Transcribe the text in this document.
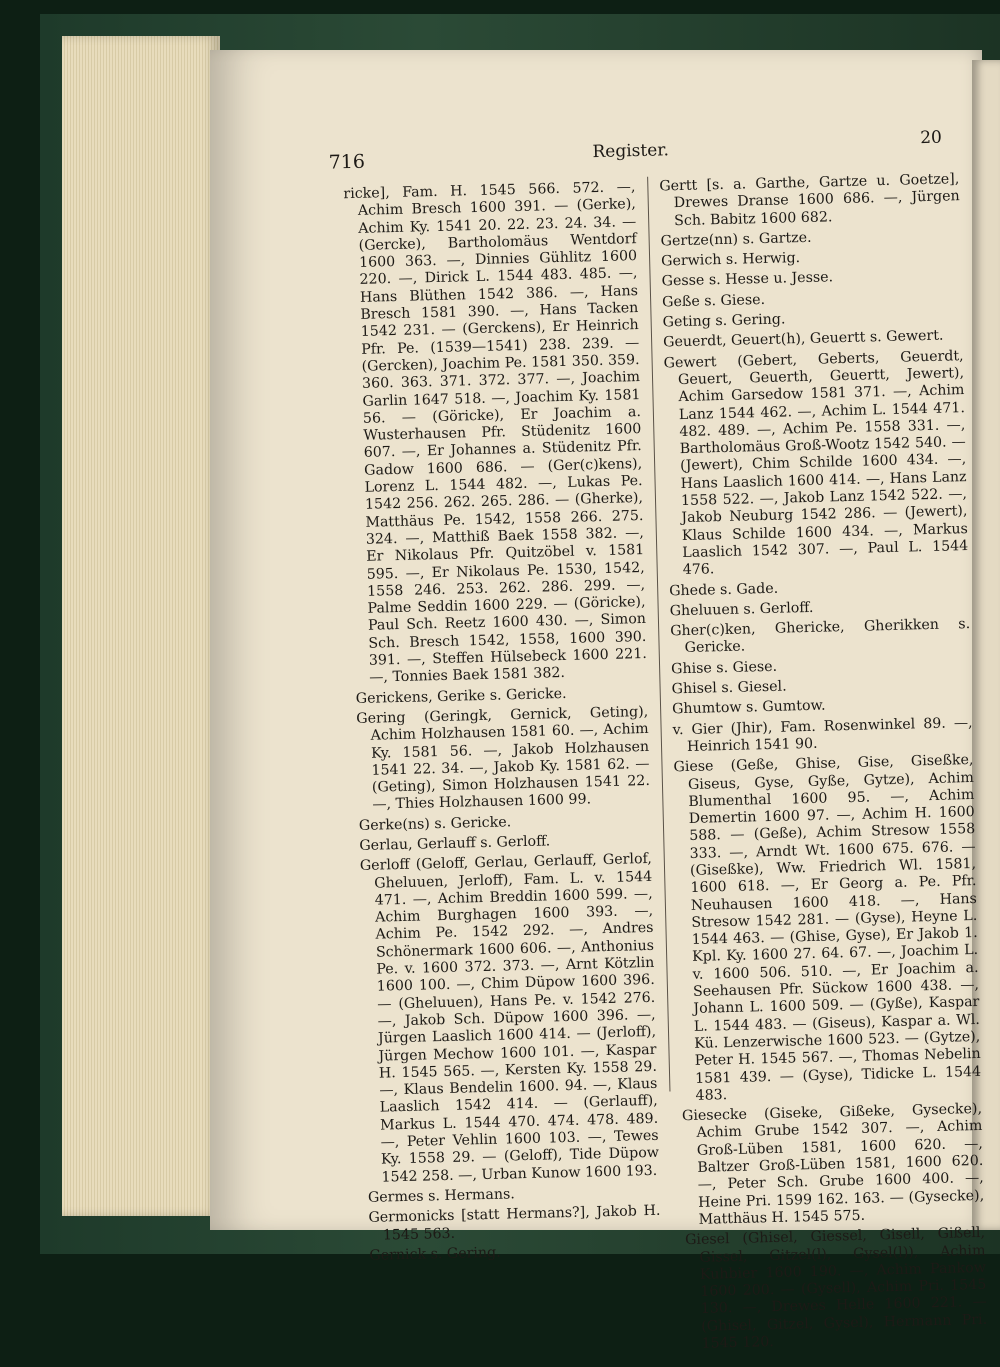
716	Register.
20

ricke], Fam. H. 1545 566. 572. —, Achim Bresch 1600 391. — (Gerke), Achim Ky. 1541 20. 22. 23. 24. 34. — (Gercke), Bartholomäus Wentdorf 1600 363. —, Dinnies Gühlitz 1600 220. —, Dirick L. 1544 483. 485. —, Hans Blüthen 1542 386. —, Hans Bresch 1581 390. —, Hans Tacken 1542 231. — (Gerckens), Er Heinrich Pfr. Pe. (1539—1541) 238. 239. — (Gercken), Joachim Pe. 1581 350. 359. 360. 363. 371. 372. 377. —, Joachim Garlin 1647 518. —, Joachim Ky. 1581 56. — (Göricke), Er Joachim a. Wusterhausen Pfr. Stüdenitz 1600 607. —, Er Johannes a. Stüdenitz Pfr. Gadow 1600 686. — (Ger(c)kens), Lorenz L. 1544 482. —, Lukas Pe. 1542 256. 262. 265. 286. — (Gherke), Matthäus Pe. 1542, 1558 266. 275. 324. —, Matthiß Baek 1558 382. —, Er Nikolaus Pfr. Quitzöbel v. 1581 595. —, Er Nikolaus Pe. 1530, 1542, 1558 246. 253. 262. 286. 299. —, Palme Seddin 1600 229. — (Göricke), Paul Sch. Reetz 1600 430. —, Simon Sch. Bresch 1542, 1558, 1600 390. 391. —, Steffen Hülsebeck 1600 221. —, Tonnies Baek 1581 382.

Gerickens, Gerike s. Gericke.

Gering (Geringk, Gernick, Geting), Achim Holzhausen 1581 60. —, Achim Ky. 1581 56. —, Jakob Holzhausen 1541 22. 34. —, Jakob Ky. 1581 62. — (Geting), Simon Holzhausen 1541 22. —, Thies Holzhausen 1600 99.

Gerke(ns) s. Gericke.

Gerlau, Gerlauff s. Gerloff.

Gerloff (Geloff, Gerlau, Gerlauff, Gerlof, Gheluuen, Jerloff), Fam. L. v. 1544 471. —, Achim Breddin 1600 599. —, Achim Burghagen 1600 393. —, Achim Pe. 1542 292. —, Andres Schönermark 1600 606. —, Anthonius Pe. v. 1600 372. 373. —, Arnt Kötzlin 1600 100. —, Chim Düpow 1600 396. — (Gheluuen), Hans Pe. v. 1542 276. —, Jakob Sch. Düpow 1600 396. —, Jürgen Laaslich 1600 414. — (Jerloff), Jürgen Mechow 1600 101. —, Kaspar H. 1545 565. —, Kersten Ky. 1558 29. —, Klaus Bendelin 1600. 94. —, Klaus Laaslich 1542 414. — (Gerlauff), Markus L. 1544 470. 474. 478. 489. —, Peter Vehlin 1600 103. —, Tewes Ky. 1558 29. — (Geloff), Tide Düpow 1542 258. —, Urban Kunow 1600 193.

Germes s. Hermans.

Germonicks [statt Hermans?], Jakob H. 1545 563.

Gernick s. Gering.

Gertt [s. a. Garthe, Gartze u. Goetze], Drewes Dranse 1600 686. —, Jürgen Sch. Babitz 1600 682.

Gertze(nn) s. Gartze.

Gerwich s. Herwig.

Gesse s. Hesse u. Jesse.

Geße s. Giese.

Geting s. Gering.

Geuerdt, Geuert(h), Geuertt s. Gewert.

Gewert (Gebert, Geberts, Geuerdt, Geuert, Geuerth, Geuertt, Jewert), Achim Garsedow 1581 371. —, Achim Lanz 1544 462. —, Achim L. 1544 471. 482. 489. —, Achim Pe. 1558 331. —, Bartholomäus Groß-Wootz 1542 540. — (Jewert), Chim Schilde 1600 434. —, Hans Laaslich 1600 414. —, Hans Lanz 1558 522. —, Jakob Lanz 1542 522. —, Jakob Neuburg 1542 286. — (Jewert), Klaus Schilde 1600 434. —, Markus Laaslich 1542 307. —, Paul L. 1544 476.

Ghede s. Gade.

Gheluuen s. Gerloff.

Gher(c)ken, Ghericke, Gherikken s. Gericke.

Ghise s. Giese.

Ghisel s. Giesel.

Ghumtow s. Gumtow.

v. Gier (Jhir), Fam. Rosenwinkel 89. —, Heinrich 1541 90.

Giese (Geße, Ghise, Gise, Giseßke, Giseus, Gyse, Gyße, Gytze), Achim Blumenthal 1600 95. —, Achim Demertin 1600 97. —, Achim H. 1600 588. — (Geße), Achim Stresow 1558 333. —, Arndt Wt. 1600 675. 676. — (Giseßke), Ww. Friedrich Wl. 1581, 1600 618. —, Er Georg a. Pe. Pfr. Neuhausen 1600 418. —, Hans Stresow 1542 281. — (Gyse), Heyne L. 1544 463. — (Ghise, Gyse), Er Jakob 1. Kpl. Ky. 1600 27. 64. 67. —, Joachim L. v. 1600 506. 510. —, Er Joachim a. Seehausen Pfr. Sückow 1600 438. —, Johann L. 1600 509. — (Gyße), Kaspar L. 1544 483. — (Giseus), Kaspar a. Wl. Kü. Lenzerwische 1600 523. — (Gytze), Peter H. 1545 567. —, Thomas Nebelin 1581 439. — (Gyse), Tidicke L. 1544 483.

Giesecke (Giseke, Gißeke, Gysecke), Achim Grube 1542 307. —, Achim Groß-Lüben 1581, 1600 620. —, Baltzer Groß-Lüben 1581, 1600 620. —, Peter Sch. Grube 1600 400. —, Heine Pri. 1599 162. 163. — (Gysecke), Matthäus H. 1545 575.

Giesel (Ghisel, Giessel, Gisell, Gißell, Gissel, Gitzel(l), Gysel(l)), Achim Kuhbier 1600 190. —, Achim Pankow 1600 200. — (Gysell), Achim Pri. 1545 130. —, Drewes Helle 1600 221. — (Ghisel, Gitzel, Gysel), Hermann Pri. 1545 120.
